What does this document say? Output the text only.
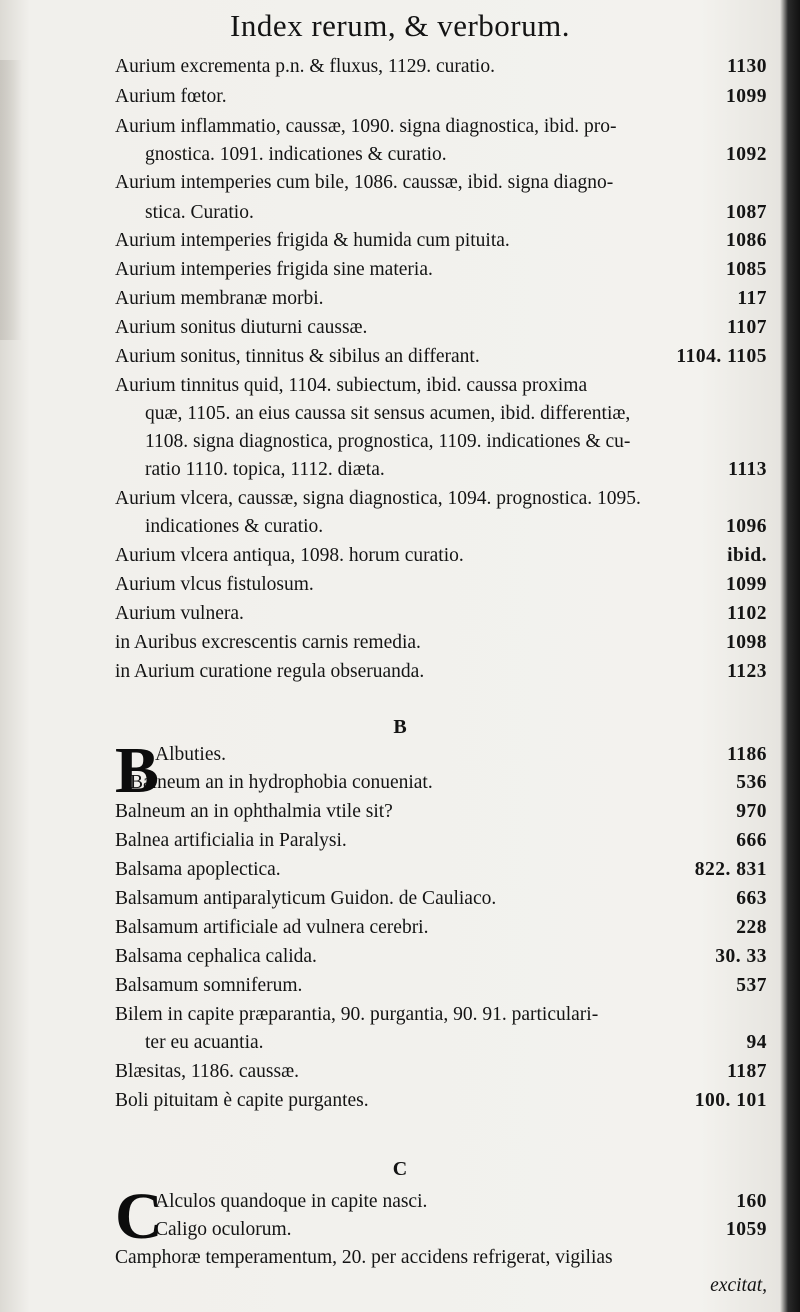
Index rerum, & verborum.
Aurium excrementa p.n. & fluxus, 1129. curatio.	1130
Aurium fœtor.	1099
Aurium inflammatio, caussæ, 1090. signa diagnostica, ibid. pro-
gnostica. 1091. indicationes & curatio.	1092
Aurium intemperies cum bile, 1086. caussæ, ibid. signa diagno-
stica. Curatio.	1087
Aurium intemperies frigida & humida cum pituita.	1086
Aurium intemperies frigida sine materia.	1085
Aurium membranæ morbi.	117
Aurium sonitus diuturni caussæ.	1107
Aurium sonitus, tinnitus & sibilus an differant.	1104. 1105
Aurium tinnitus quid, 1104. subiectum, ibid. caussa proxima
quæ, 1105. an eius caussa sit sensus acumen, ibid. differentiæ,
1108. signa diagnostica, prognostica, 1109. indicationes & cu-
ratio 1110. topica, 1112. diæta.	1113
Aurium vlcera, caussæ, signa diagnostica, 1094. prognostica. 1095.
indicationes & curatio.	1096
Aurium vlcera antiqua, 1098. horum curatio.	ibid.
Aurium vlcus fistulosum.	1099
Aurium vulnera.	1102
in Auribus excrescentis carnis remedia.	1098
in Aurium curatione regula obseruanda.	1123
Albuties.	1186
Balneum an in hydrophobia conueniat.	536
Balneum an in ophthalmia vtile sit?	970
Balnea artificialia in Paralysi.	666
Balsama apoplectica.	822. 831
Balsamum antiparalyticum Guidon. de Cauliaco.	663
Balsamum artificiale ad vulnera cerebri.	228
Balsama cephalica calida.	30. 33
Balsamum somniferum.	537
Bilem in capite præparantia, 90. purgantia, 90. 91. particulari-
ter eu acuantia.	94
Blæsitas, 1186. caussæ.	1187
Boli pituitam è capite purgantes.	100. 101
Alculos quandoque in capite nasci.	160
Caligo oculorum.	1059
Camphoræ temperamentum, 20. per accidens refrigerat, vigilias
excitat,
B
B
C
C
